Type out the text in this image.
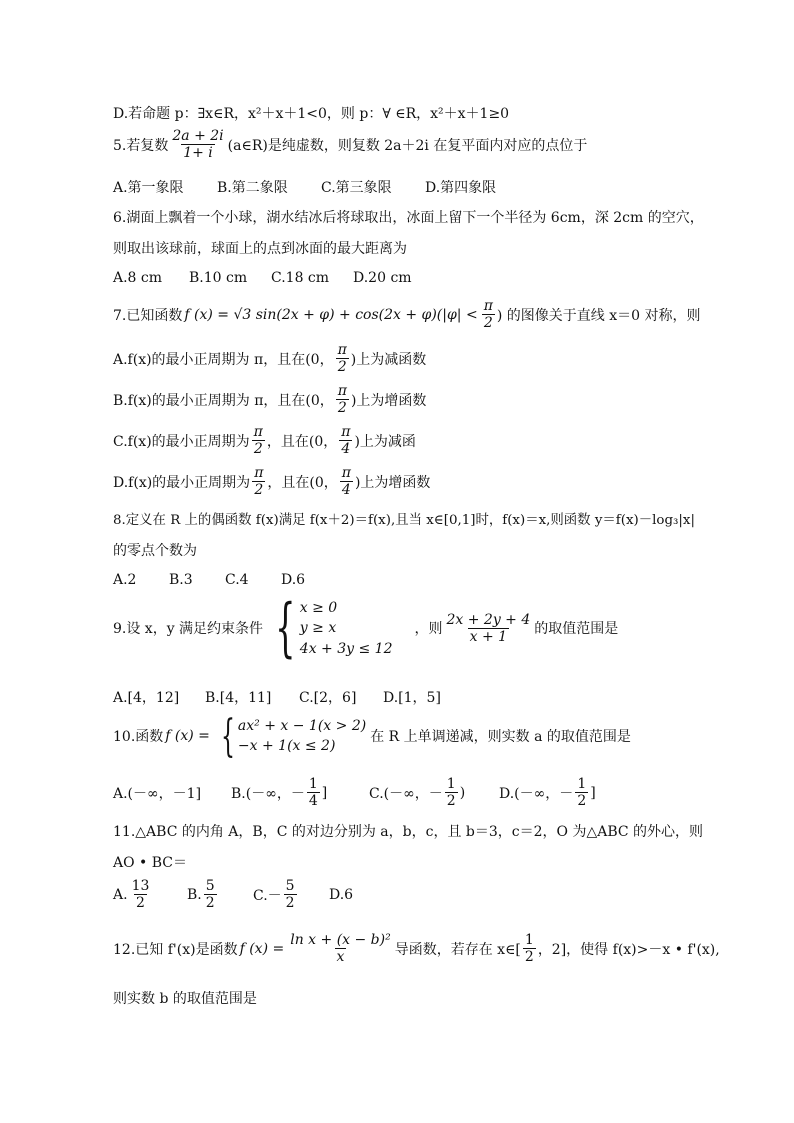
D.若命题 p：∃x∈R，x²＋x＋1<0，则 p：∀ ∈R，x²＋x＋1≥0
5.若复数 $\frac{2a + 2i}{1+ i}$ (a∈R)是纯虚数，则复数 2a＋2i 在复平面内对应的点位于
A.第一象限	B.第二象限	C.第三象限	D.第四象限
6.湖面上飘着一个小球，湖水结冰后将球取出，冰面上留下一个半径为 6cm，深 2cm 的空穴，
则取出该球前，球面上的点到冰面的最大距离为
A.8 cm	B.10 cm	C.18 cm	D.20 cm
7.已知函数 f (x) = √3 $\sin(2x + \varphi) + \cos(2x + \varphi)(|\varphi| < \frac{\pi}{2}$ ) 的图像关于直线 x＝0 对称，则
A.f(x)的最小正周期为 π，且在(0， $\frac{\pi}{2}$ )上为减函数
B.f(x)的最小正周期为 π，且在(0， $\frac{\pi}{2}$ )上为增函数
C.f(x)的最小正周期为 $\frac{\pi}{2}$ ，且在(0， $\frac{\pi}{4}$ )上为减函
D.f(x)的最小正周期为 $\frac{\pi}{2}$ ，且在(0， $\frac{\pi}{4}$ )上为增函数
8.定义在 R 上的偶函数 f(x)满足 f(x＋2)＝f(x),且当 x∈[0,1]时，f(x)＝x,则函数 y＝f(x)－log₃|x|
的零点个数为
A.2	B.3	C.4	D.6
9.设 x，y 满足约束条件 { x ≥ 0
y ≥ x
4x + 3y ≤ 12
，则 $\frac{2x + 2y + 4}{x + 1}$ 的取值范围是
A.[4，12]	B.[4，11]	C.[2，6]	D.[1，5]
10.函数 f (x) = { ax² + x − 1(x > 2)
−x + 1(x ≤ 2)
在 R 上单调递减，则实数 a 的取值范围是
A.(－∞，－1]	B.(－∞，－ $\frac{1}{4}$ ]	C.(－∞，－ $\frac{1}{2}$ ) D.(－∞，－ $\frac{1}{2}$ ]
11.△ABC 的内角 A，B，C 的对边分别为 a，b，c，且 b＝3，c＝2，O 为△ABC 的外心，则
AO • BC＝
A. $\frac{13}{2}$	B. $\frac{5}{2}$	$C.- \frac{5}{2} D.6$
12.已知 f'(x)是函数 f $(x) = \frac{\text{ln x + (x − b)²}}{x}$ 导函数，若存在 x∈[ $\frac{1}{2}$ ，2]，使得 f(x)>－x • f'(x),
则实数 b 的取值范围是
